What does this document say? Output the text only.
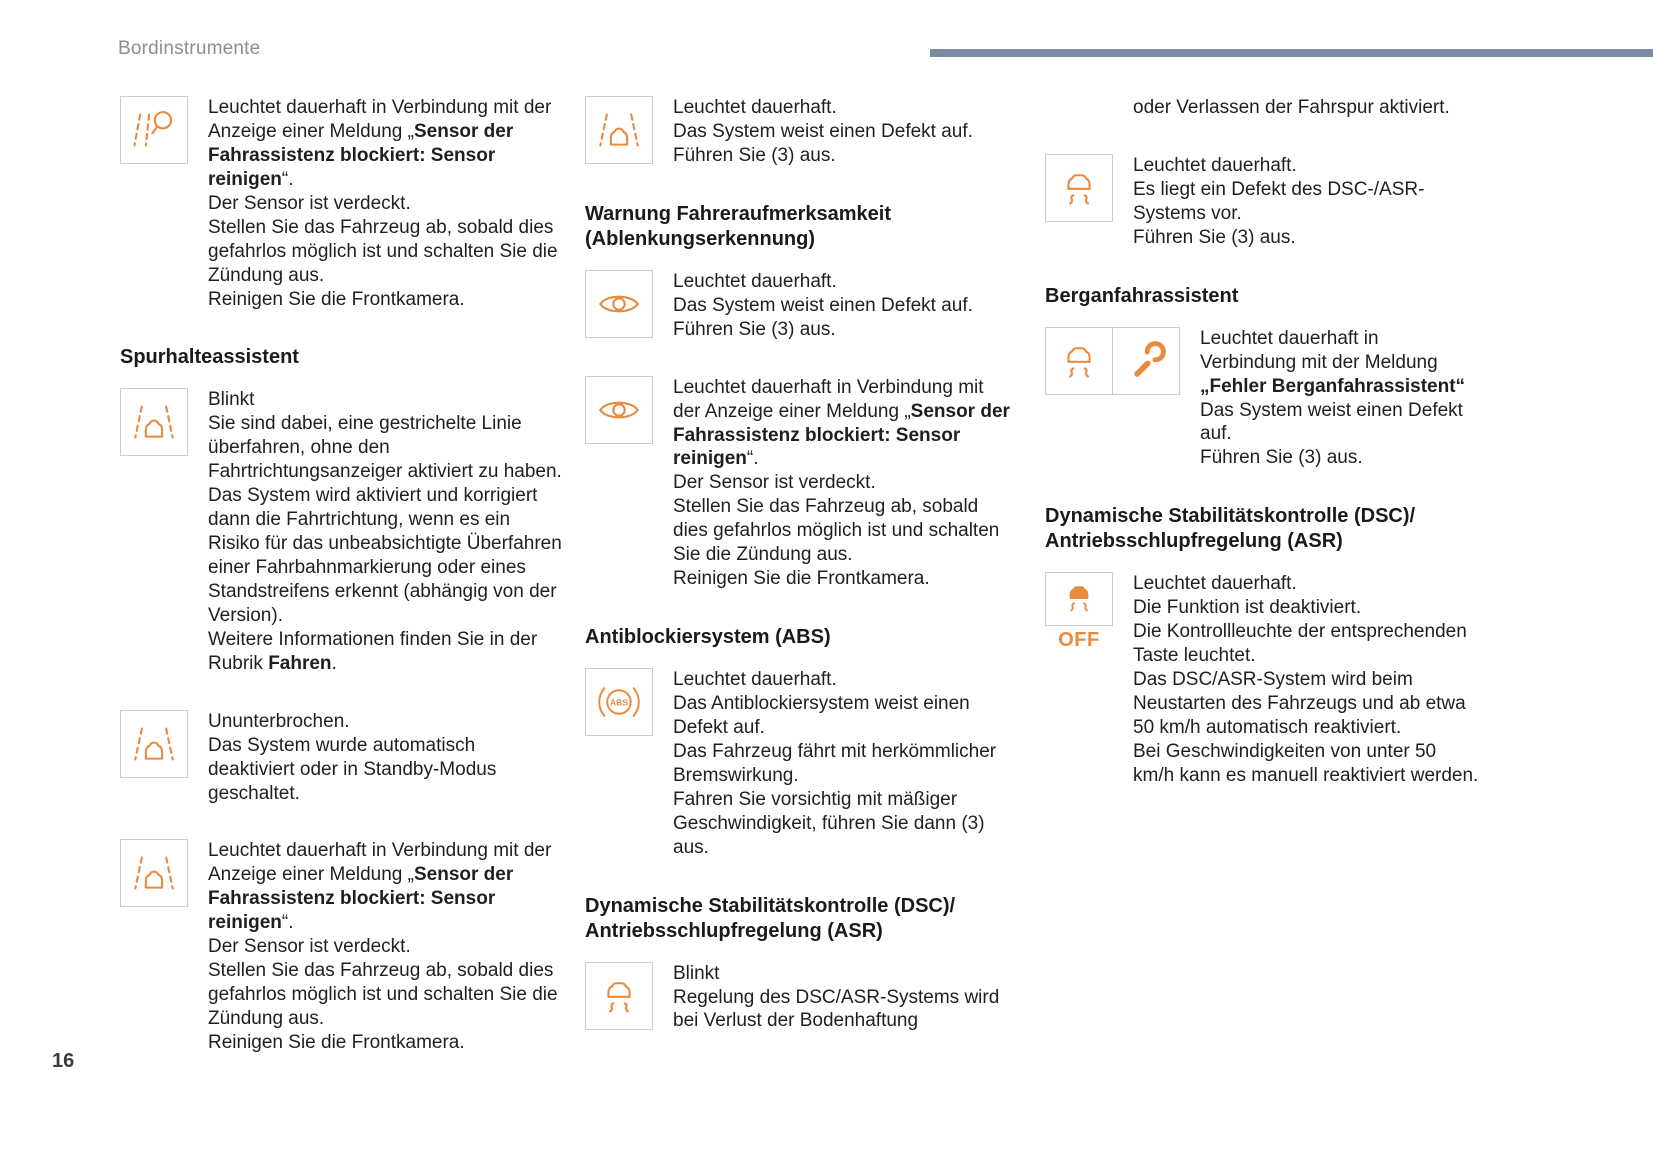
Bordinstrumente
Leuchtet dauerhaft in Verbindung mit der Anzeige einer Meldung „Sensor der Fahrassistenz blockiert: Sensor reinigen“.
Der Sensor ist verdeckt.
Stellen Sie das Fahrzeug ab, sobald dies gefahrlos möglich ist und schalten Sie die Zündung aus.
Reinigen Sie die Frontkamera.
Spurhalteassistent
Blinkt
Sie sind dabei, eine gestrichelte Linie überfahren, ohne den Fahrtrichtungsanzeiger aktiviert zu haben.
Das System wird aktiviert und korrigiert dann die Fahrtrichtung, wenn es ein Risiko für das unbeabsichtigte Überfahren einer Fahrbahnmarkierung oder eines Standstreifens erkennt (abhängig von der Version).
Weitere Informationen finden Sie in der Rubrik Fahren.
Ununterbrochen.
Das System wurde automatisch deaktiviert oder in Standby-Modus geschaltet.
Leuchtet dauerhaft in Verbindung mit der Anzeige einer Meldung „Sensor der Fahrassistenz blockiert: Sensor reinigen“.
Der Sensor ist verdeckt.
Stellen Sie das Fahrzeug ab, sobald dies gefahrlos möglich ist und schalten Sie die Zündung aus.
Reinigen Sie die Frontkamera.
Leuchtet dauerhaft.
Das System weist einen Defekt auf.
Führen Sie (3) aus.
Warnung Fahreraufmerksamkeit (Ablenkungserkennung)
Leuchtet dauerhaft.
Das System weist einen Defekt auf.
Führen Sie (3) aus.
Leuchtet dauerhaft in Verbindung mit der Anzeige einer Meldung „Sensor der Fahrassistenz blockiert: Sensor reinigen“.
Der Sensor ist verdeckt.
Stellen Sie das Fahrzeug ab, sobald dies gefahrlos möglich ist und schalten Sie die Zündung aus.
Reinigen Sie die Frontkamera.
Antiblockiersystem (ABS)
ABS
Leuchtet dauerhaft.
Das Antiblockiersystem weist einen Defekt auf.
Das Fahrzeug fährt mit herkömmlicher Bremswirkung.
Fahren Sie vorsichtig mit mäßiger Geschwindigkeit, führen Sie dann (3) aus.
Dynamische Stabilitätskontrolle (DSC)/ Antriebsschlupfregelung (ASR)
Blinkt
Regelung des DSC/ASR-Systems wird bei Verlust der Bodenhaftung
oder Verlassen der Fahrspur aktiviert.
Leuchtet dauerhaft.
Es liegt ein Defekt des DSC-/ASR-Systems vor.
Führen Sie (3) aus.
Berganfahrassistent
Leuchtet dauerhaft in Verbindung mit der Meldung „Fehler Berganfahrassistent“
Das System weist einen Defekt auf.
Führen Sie (3) aus.
Dynamische Stabilitätskontrolle (DSC)/ Antriebsschlupfregelung (ASR)
OFF
Leuchtet dauerhaft.
Die Funktion ist deaktiviert.
Die Kontrollleuchte der entsprechenden Taste leuchtet.
Das DSC/ASR-System wird beim Neustarten des Fahrzeugs und ab etwa 50 km/h automatisch reaktiviert.
Bei Geschwindigkeiten von unter 50 km/h kann es manuell reaktiviert werden.
16
